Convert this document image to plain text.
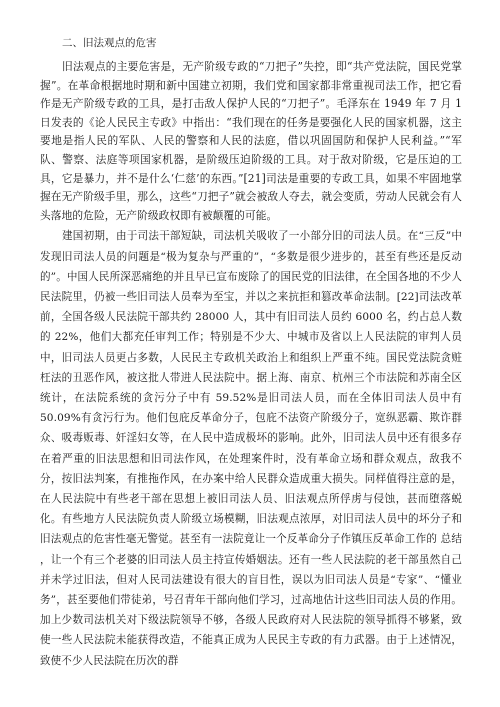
二、旧法观点的危害

旧法观点的主要危害是，无产阶级专政的“刀把子”失控，即“共产党法院，国民党掌握”。在革命根据地时期和新中国建立初期，我们党和国家都非常重视司法工作，把它看作是无产阶级专政的工具，是打击敌人保护人民的“刀把子”。毛泽东在 1949 年 7 月 1 日发表的《论人民民主专政》中指出：“我们现在的任务是要强化人民的国家机器，这主要地是指人民的军队、人民的警察和人民的法庭，借以巩固国防和保护人民利益。”“军队、警察、法庭等项国家机器，是阶级压迫阶级的工具。对于敌对阶级，它是压迫的工具，它是暴力，并不是什么‘仁慈’的东西。”[21]司法是重要的专政工具，如果不牢固地掌握在无产阶级手里，那么，这些“刀把子”就会被敌人夺去，就会变质，劳动人民就会有人头落地的危险，无产阶级政权即有被颠覆的可能。

建国初期，由于司法干部短缺，司法机关吸收了一小部分旧的司法人员。在“三反”中发现旧司法人员的问题是“极为复杂与严重的”，“多数是很少进步的，甚至有些还是反动的”。中国人民所深恶痛绝的并且早已宣布废除了的国民党的旧法律，在全国各地的不少人民法院里，仍被一些旧司法人员奉为至宝，并以之来抗拒和篡改革命法制。[22]司法改革前，全国各级人民法院干部共约 28000 人，其中有旧司法人员约 6000 名，约占总人数的 22%，他们大都充任审判工作；特别是不少大、中城市及省以上人民法院的审判人员中，旧司法人员更占多数，人民民主专政机关政治上和组织上严重不纯。国民党法院贪赃枉法的丑恶作风，被这批人带进人民法院中。据上海、南京、杭州三个市法院和苏南全区统计，在法院系统的贪污分子中有 59.52%是旧司法人员，而在全体旧司法人员中有 50.09%有贪污行为。他们包庇反革命分子，包庇不法资产阶级分子，宽纵恶霸、欺诈群众、吸毒贩毒、奸淫妇女等，在人民中造成极坏的影响。此外，旧司法人员中还有很多存在着严重的旧法思想和旧司法作风，在处理案件时，没有革命立场和群众观点，敌我不分，按旧法判案，有推拖作风，在办案中给人民群众造成重大损失。同样值得注意的是，在人民法院中有些老干部在思想上被旧司法人员、旧法观点所俘虏与侵蚀，甚而堕落蜕化。有些地方人民法院负责人阶级立场模糊，旧法观点浓厚，对旧司法人员中的坏分子和旧法观点的危害性毫无警觉。甚至有一法院竟让一个反革命分子作镇压反革命工作的 总结 ，让一个有三个老婆的旧司法人员主持宣传婚姻法。还有一些人民法院的老干部虽然自己并未学过旧法，但对人民司法建设有很大的盲目性，误以为旧司法人员是“专家”、“懂业务”，甚至要他们带徒弟，号召青年干部向他们学习，过高地估计这些旧司法人员的作用。加上少数司法机关对下级法院领导不够，各级人民政府对人民法院的领导抓得不够紧，致使一些人民法院未能获得改造，不能真正成为人民民主专政的有力武器。由于上述情况，致使不少人民法院在历次的群
